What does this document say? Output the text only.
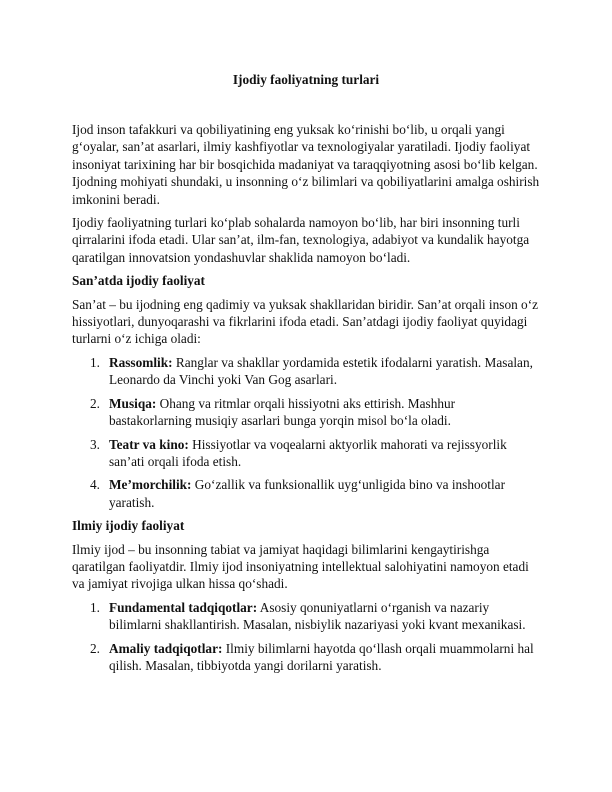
Ijodiy faoliyatning turlari

Ijod inson tafakkuri va qobiliyatining eng yuksak ko‘rinishi bo‘lib, u orqali yangi g‘oyalar, san’at asarlari, ilmiy kashfiyotlar va texnologiyalar yaratiladi. Ijodiy faoliyat insoniyat tarixining har bir bosqichida madaniyat va taraqqiyotning asosi bo‘lib kelgan. Ijodning mohiyati shundaki, u insonning o‘z bilimlari va qobiliyatlarini amalga oshirish imkonini beradi.

Ijodiy faoliyatning turlari ko‘plab sohalarda namoyon bo‘lib, har biri insonning turli qirralarini ifoda etadi. Ular san’at, ilm-fan, texnologiya, adabiyot va kundalik hayotga qaratilgan innovatsion yondashuvlar shaklida namoyon bo‘ladi.

San’atda ijodiy faoliyat

San’at – bu ijodning eng qadimiy va yuksak shakllaridan biridir. San’at orqali inson o‘z hissiyotlari, dunyoqarashi va fikrlarini ifoda etadi. San’atdagi ijodiy faoliyat quyidagi turlarni o‘z ichiga oladi:

1. Rassomlik: Ranglar va shakllar yordamida estetik ifodalarni yaratish. Masalan, Leonardo da Vinchi yoki Van Gog asarlari.
2. Musiqa: Ohang va ritmlar orqali hissiyotni aks ettirish. Mashhur bastakorlarning musiqiy asarlari bunga yorqin misol bo‘la oladi.
3. Teatr va kino: Hissiyotlar va voqealarni aktyorlik mahorati va rejissyorlik san’ati orqali ifoda etish.
4. Me’morchilik: Go‘zallik va funksionallik uyg‘unligida bino va inshootlar yaratish.
Ilmiy ijodiy faoliyat

Ilmiy ijod – bu insonning tabiat va jamiyat haqidagi bilimlarini kengaytirishga qaratilgan faoliyatdir. Ilmiy ijod insoniyatning intellektual salohiyatini namoyon etadi va jamiyat rivojiga ulkan hissa qo‘shadi.

1. Fundamental tadqiqotlar: Asosiy qonuniyatlarni o‘rganish va nazariy bilimlarni shakllantirish. Masalan, nisbiylik nazariyasi yoki kvant mexanikasi.
2. Amaliy tadqiqotlar: Ilmiy bilimlarni hayotda qo‘llash orqali muammolarni hal qilish. Masalan, tibbiyotda yangi dorilarni yaratish.
